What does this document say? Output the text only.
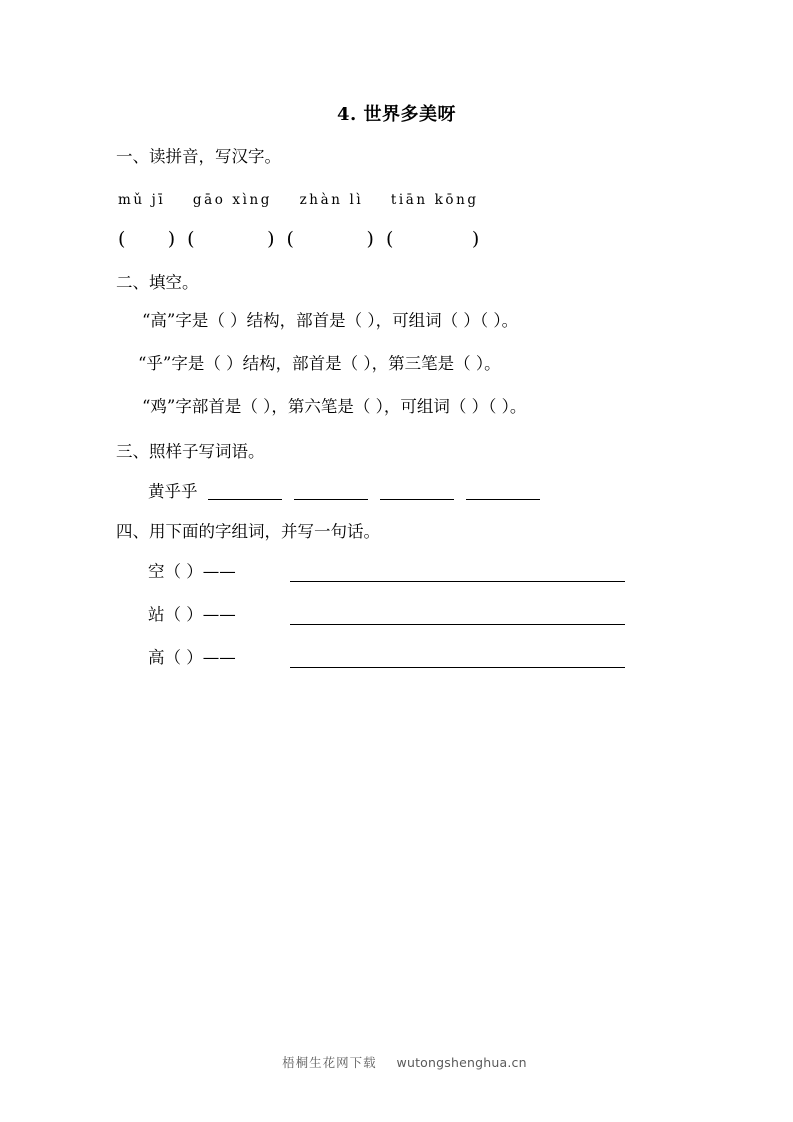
4. 世界多美呀
一、读拼音，写汉字。
mǔ jī    gāo xìng    zhàn lì    tiān kōng
(       )  (            )  (            )  (             )
二、填空。
“高”字是（ ）结构，部首是（ ），可组词（ ）（ ）。
“乎”字是（ ）结构，部首是（ ），第三笔是（ ）。
“鸡”字部首是（ ），第六笔是（ ），可组词（ ）（ ）。
三、照样子写词语。
黄乎乎
四、用下面的字组词，并写一句话。
空（ ）——
站（ ）——
高（ ）——

梧桐生花网下载 wutongshenghua.cn
